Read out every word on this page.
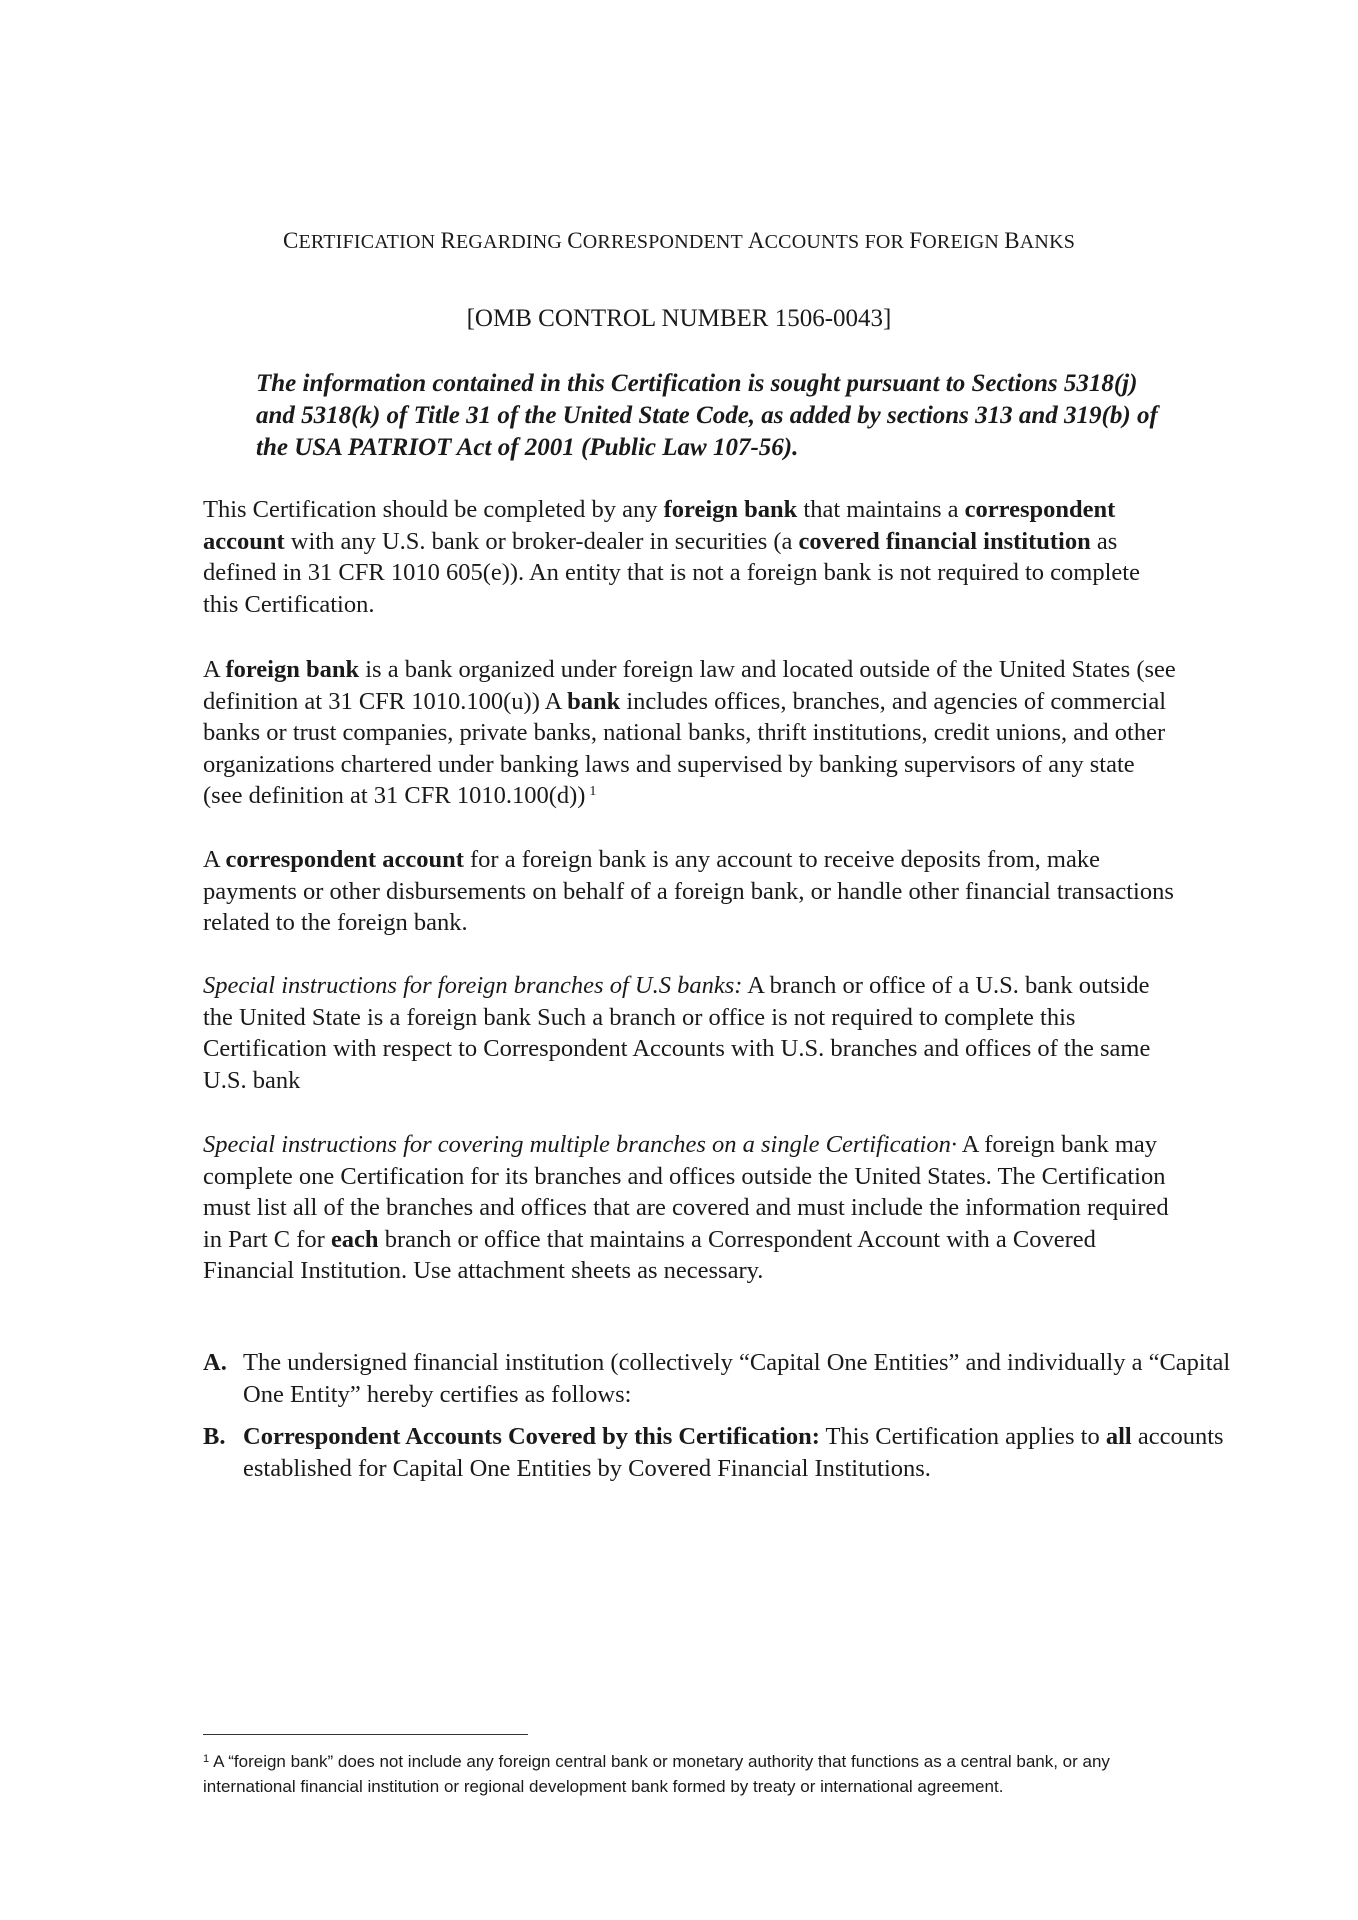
CERTIFICATION REGARDING CORRESPONDENT ACCOUNTS FOR FOREIGN BANKS
[OMB CONTROL NUMBER 1506-0043]
The information contained in this Certification is sought pursuant to Sections 5318(j) and 5318(k) of Title 31 of the United State Code, as added by sections 313 and 319(b) of the USA PATRIOT Act of 2001 (Public Law 107-56).
This Certification should be completed by any foreign bank that maintains a correspondent account with any U.S. bank or broker-dealer in securities (a covered financial institution as defined in 31 CFR 1010 605(e)). An entity that is not a foreign bank is not required to complete this Certification.
A foreign bank is a bank organized under foreign law and located outside of the United States (see definition at 31 CFR 1010.100(u)) A bank includes offices, branches, and agencies of commercial banks or trust companies, private banks, national banks, thrift institutions, credit unions, and other organizations chartered under banking laws and supervised by banking supervisors of any state (see definition at 31 CFR 1010.100(d)) $^1$
A correspondent account for a foreign bank is any account to receive deposits from, make payments or other disbursements on behalf of a foreign bank, or handle other financial transactions related to the foreign bank.
Special instructions for foreign branches of U.S banks: A branch or office of a U.S. bank outside the United State is a foreign bank Such a branch or office is not required to complete this Certification with respect to Correspondent Accounts with U.S. branches and offices of the same U.S. bank
Special instructions for covering multiple branches on a single Certification· A foreign bank may complete one Certification for its branches and offices outside the United States. The Certification must list all of the branches and offices that are covered and must include the information required in Part C for each branch or office that maintains a Correspondent Account with a Covered Financial Institution. Use attachment sheets as necessary.
A. The undersigned financial institution (collectively “Capital One Entities” and individually a “Capital One Entity” hereby certifies as follows:
B. Correspondent Accounts Covered by this Certification: This Certification applies to all accounts established for Capital One Entities by Covered Financial Institutions.
$^1$ A “foreign bank” does not include any foreign central bank or monetary authority that functions as a central bank, or any international financial institution or regional development bank formed by treaty or international agreement.
